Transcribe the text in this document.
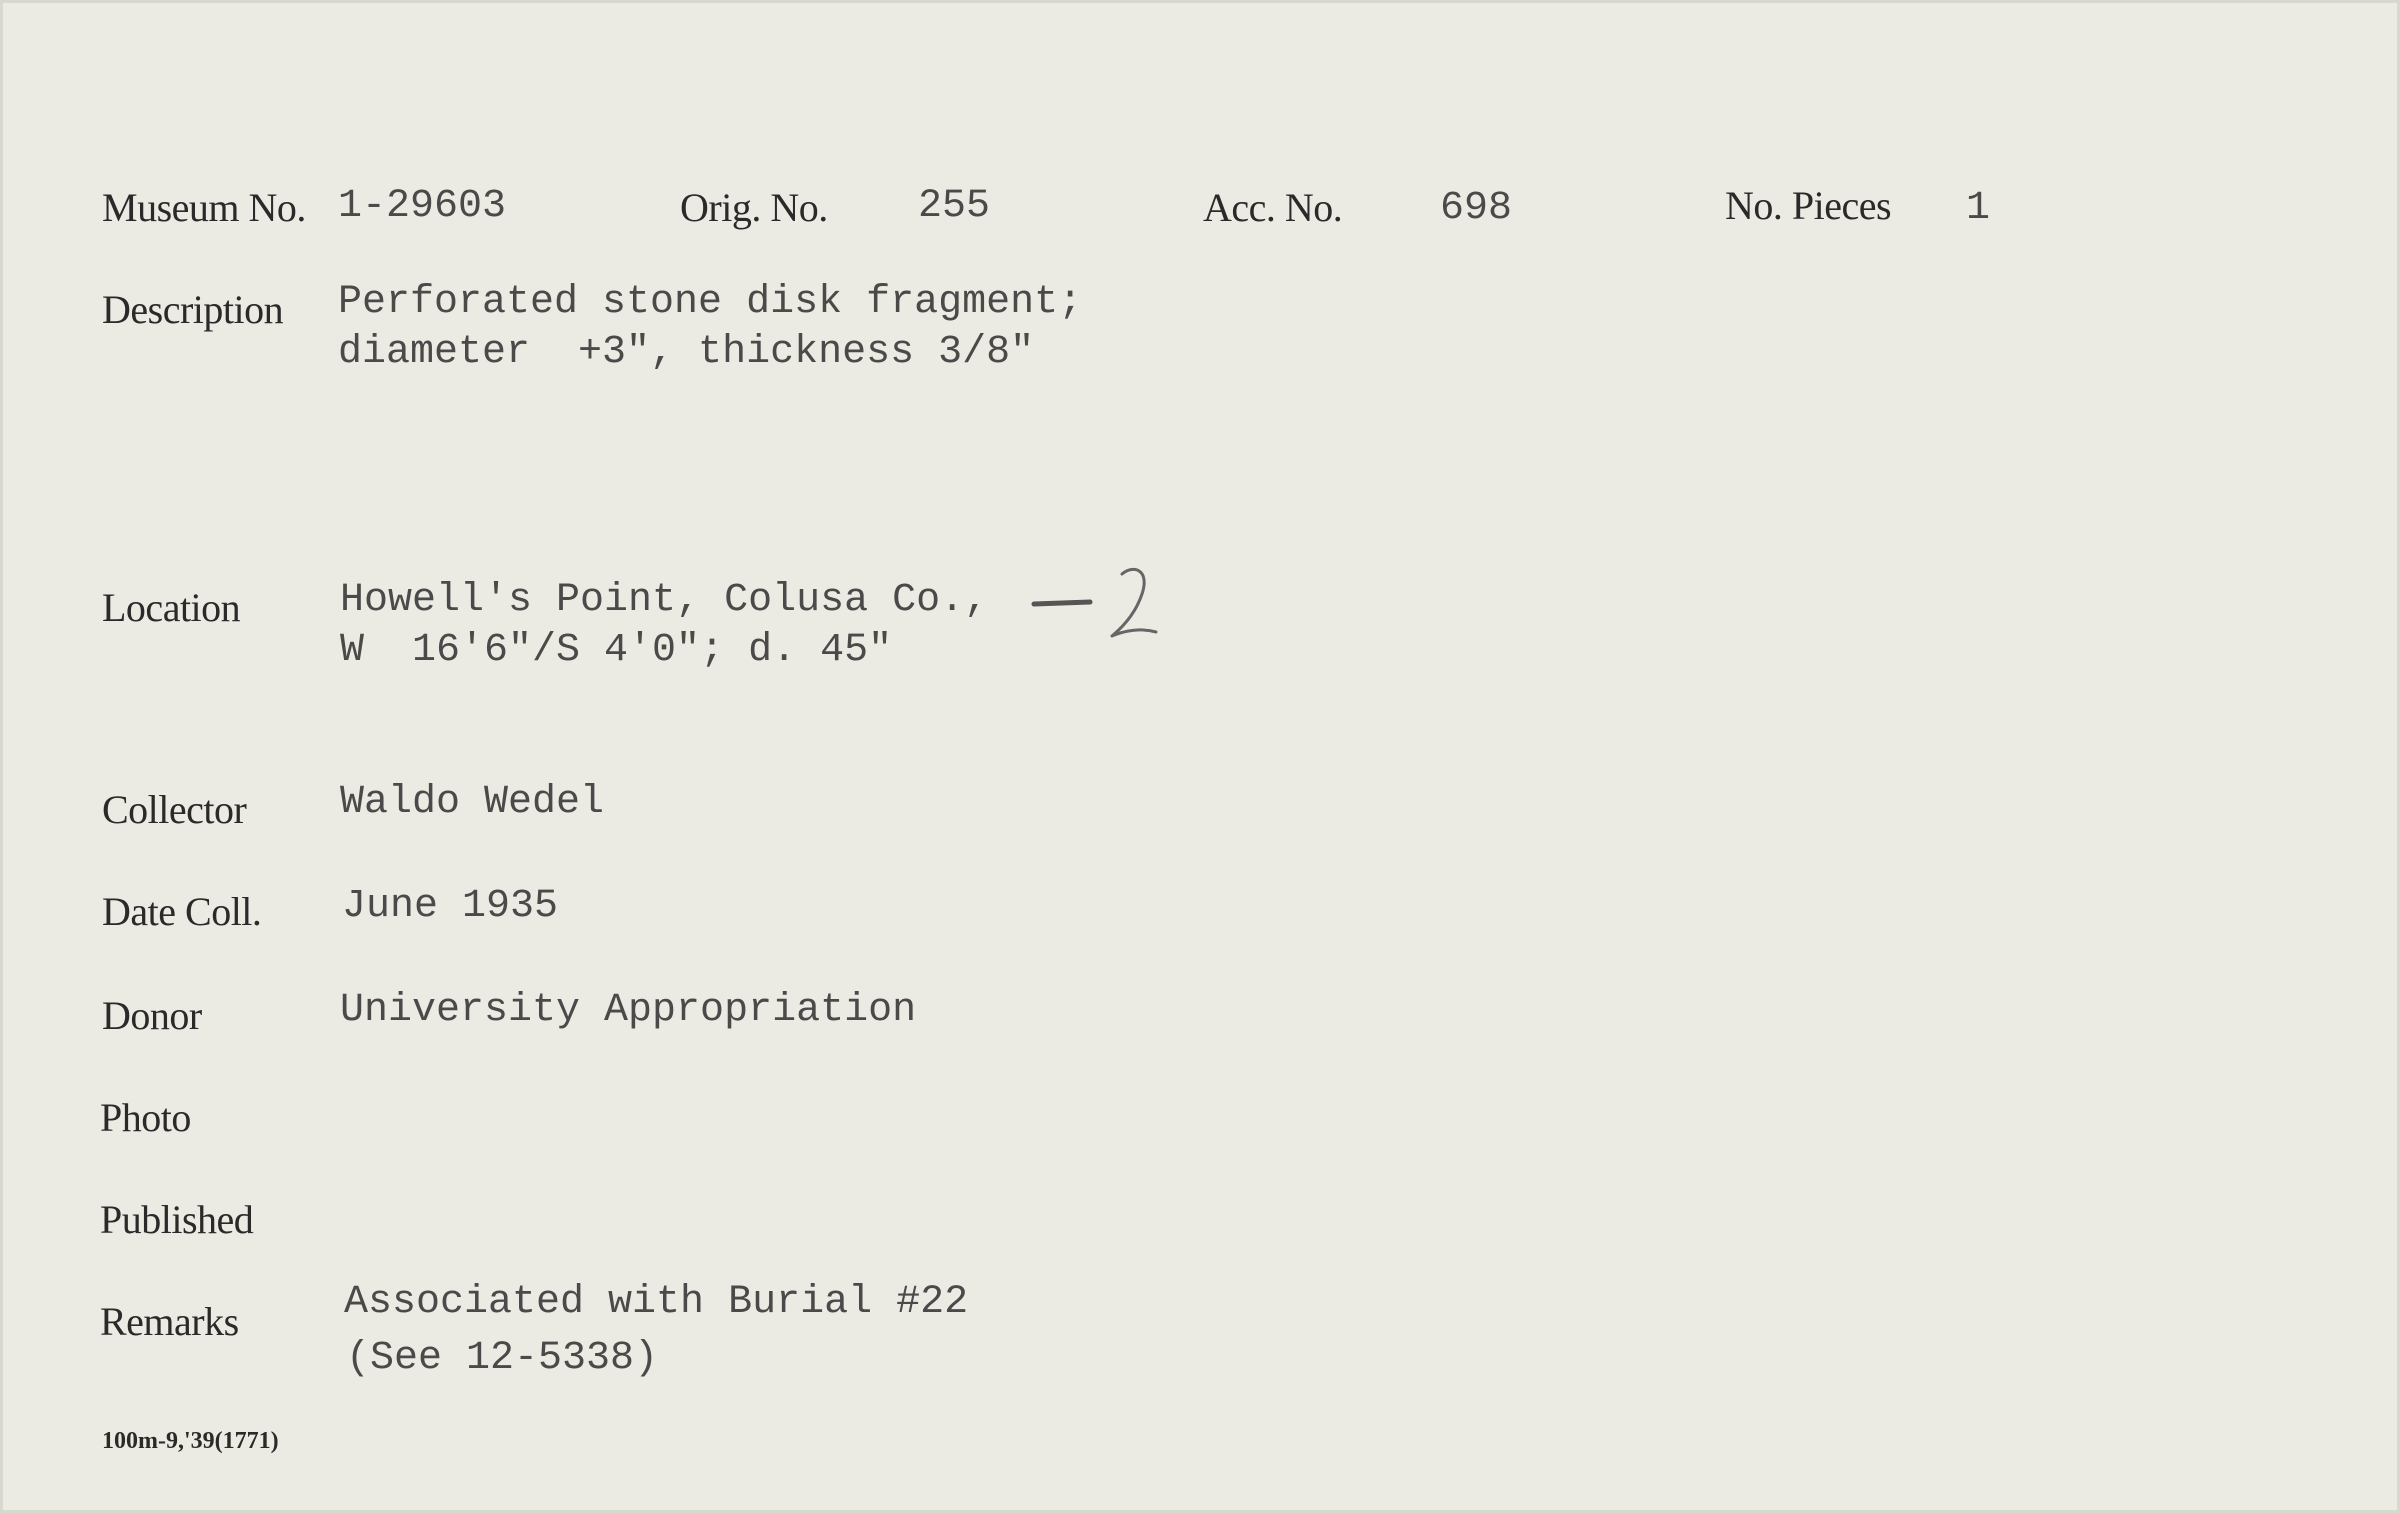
Museum No. 1-29603	Orig. No. 255	Acc. No. 698	No. Pieces 1
Description Perforated stone disk fragment;
diameter  +3", thickness 3/8"
Location Howell's Point, Colusa Co.,
W  16'6"/S 4'0"; d. 45"
Collector Waldo Wedel
Date Coll. June 1935
Donor	University Appropriation
Photo
Published
Remarks	Associated with Burial #22
(See 12-5338)
100m-9,'39(1771)
